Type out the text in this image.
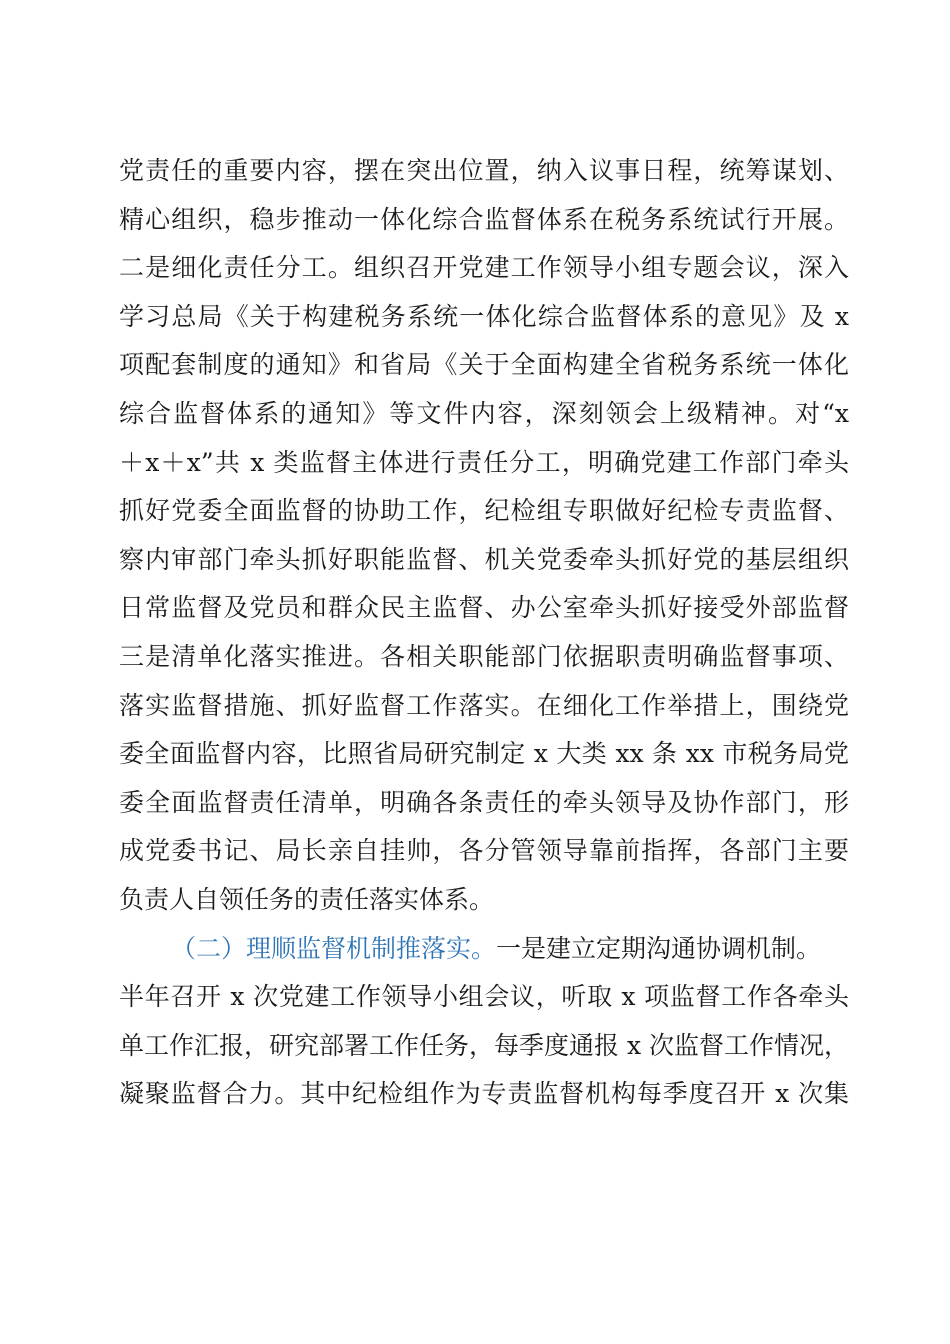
党责任的重要内容，摆在突出位置，纳入议事日程，统筹谋划、
精心组织，稳步推动一体化综合监督体系在税务系统试行开展。
二是细化责任分工。组织召开党建工作领导小组专题会议，深入
学习总局《关于构建税务系统一体化综合监督体系的意见》及 x
项配套制度的通知》和省局《关于全面构建全省税务系统一体化
综合监督体系的通知》等文件内容，深刻领会上级精神。对“x
＋x＋x”共 x 类监督主体进行责任分工，明确党建工作部门牵头
抓好党委全面监督的协助工作，纪检组专职做好纪检专责监督、
察内审部门牵头抓好职能监督、机关党委牵头抓好党的基层组织
日常监督及党员和群众民主监督、办公室牵头抓好接受外部监督
三是清单化落实推进。各相关职能部门依据职责明确监督事项、
落实监督措施、抓好监督工作落实。在细化工作举措上，围绕党
委全面监督内容，比照省局研究制定 x 大类 xx 条 xx 市税务局党
委全面监督责任清单，明确各条责任的牵头领导及协作部门，形
成党委书记、局长亲自挂帅，各分管领导靠前指挥，各部门主要
负责人自领任务的责任落实体系。
（二）理顺监督机制推落实。一是建立定期沟通协调机制。
半年召开 x 次党建工作领导小组会议，听取 x 项监督工作各牵头
单工作汇报，研究部署工作任务，每季度通报 x 次监督工作情况，
凝聚监督合力。其中纪检组作为专责监督机构每季度召开 x 次集
